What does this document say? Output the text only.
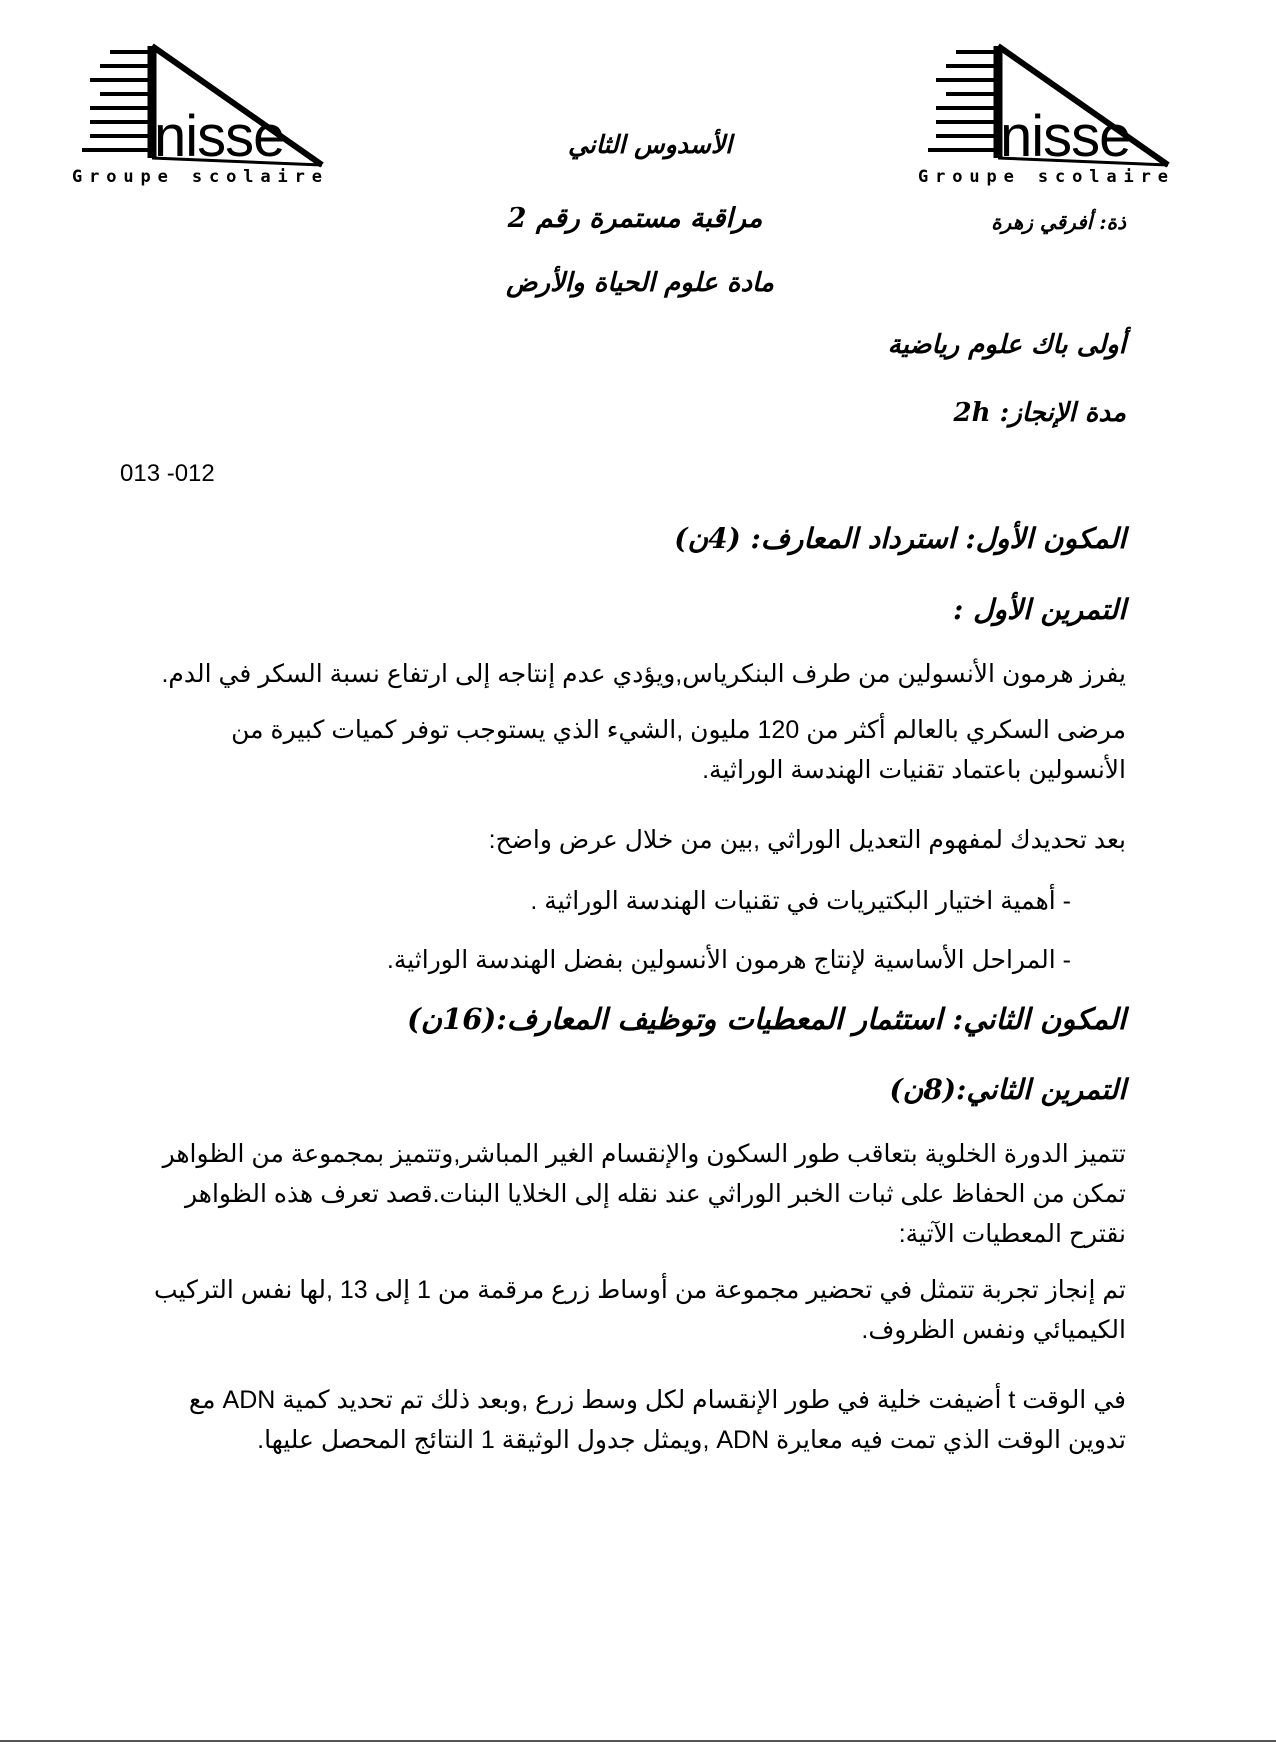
nisse
Groupe scolaire
nisse
Groupe scolaire
الأسدوس الثاني
مراقبة مستمرة رقم 2
مادة علوم الحياة والأرض
ذة: أفرقي زهرة
أولى باك علوم رياضية
مدة الإنجاز: 2h
013 -012
المكون الأول: استرداد المعارف: (4ن)
التمرين الأول :
يفرز هرمون الأنسولين من طرف البنكرياس,ويؤدي عدم إنتاجه إلى ارتفاع نسبة السكر في الدم.
مرضى السكري بالعالم أكثر من 120 مليون ,الشيء الذي يستوجب توفر كميات كبيرة من الأنسولين باعتماد تقنيات الهندسة الوراثية.
بعد تحديدك لمفهوم التعديل الوراثي ,بين من خلال عرض واضح:
- أهمية اختيار البكتيريات في تقنيات الهندسة الوراثية .
- المراحل الأساسية لإنتاج هرمون الأنسولين بفضل الهندسة الوراثية.
المكون الثاني: استثمار المعطيات وتوظيف المعارف:(16ن)
التمرين الثاني:(8ن)
تتميز الدورة الخلوية بتعاقب طور السكون والإنقسام الغير المباشر,وتتميز بمجموعة من الظواهر تمكن من الحفاظ على ثبات الخبر الوراثي عند نقله إلى الخلايا البنات.قصد تعرف هذه الظواهر نقترح المعطيات الآتية:
تم إنجاز تجربة تتمثل في تحضير مجموعة من أوساط زرع مرقمة من 1 إلى 13 ,لها نفس التركيب الكيميائي ونفس الظروف.
في الوقت t أضيفت خلية في طور الإنقسام لكل وسط زرع ,وبعد ذلك تم تحديد كمية ADN مع تدوين الوقت الذي تمت فيه معايرة ADN ,ويمثل جدول الوثيقة 1 النتائج المحصل عليها.
